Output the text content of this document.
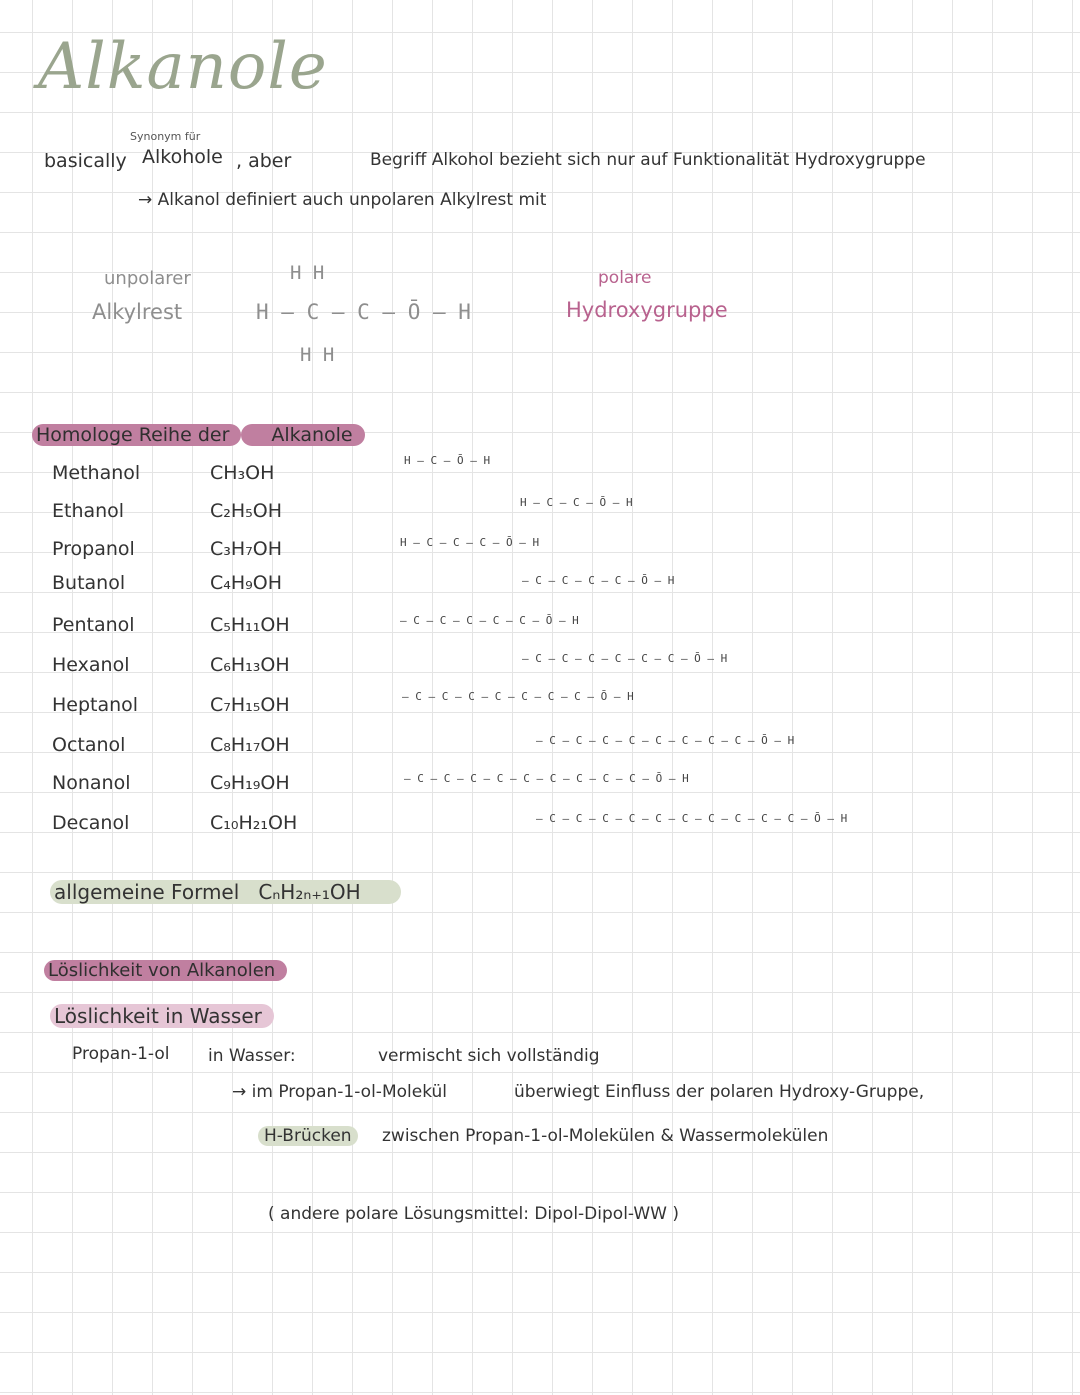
Alkanole
Synonym für
basically Alkohole , aber	Begriff Alkohol bezieht sich nur auf Funktionalität Hydroxygruppe
→ Alkanol definiert auch unpolaren Alkylrest mit
unpolarer
Alkylrest
H H
H – C – C – Ō – H
H H
polare
Hydroxygruppe
Homologe Reihe der Alkanole
Methanol	CH₃OH
Ethanol	C₂H₅OH
Propanol	C₃H₇OH
Butanol	C₄H₉OH
Pentanol	C₅H₁₁OH
Hexanol	C₆H₁₃OH
Heptanol	C₇H₁₅OH
Octanol	C₈H₁₇OH
Nonanol	C₉H₁₉OH
Decanol	C₁₀H₂₁OH
H – C – Ō – H
H – C – C – Ō – H
H – C – C – C – Ō – H
– C – C – C – C – Ō – H
– C – C – C – C – C – Ō – H
– C – C – C – C – C – C – Ō – H
– C – C – C – C – C – C – C – Ō – H
– C – C – C – C – C – C – C – C – Ō – H
– C – C – C – C – C – C – C – C – C – Ō – H
– C – C – C – C – C – C – C – C – C – C – Ō – H
allgemeine Formel CₙH₂ₙ₊₁OH
Löslichkeit von Alkanolen
Löslichkeit in Wasser
Propan-1-ol in Wasser:	vermischt sich vollständig
→ im Propan-1-ol-Molekül	überwiegt Einfluss der polaren Hydroxy-Gruppe,
H-Brücken	zwischen Propan-1-ol-Molekülen & Wassermolekülen
( andere polare Lösungsmittel: Dipol-Dipol-WW )
